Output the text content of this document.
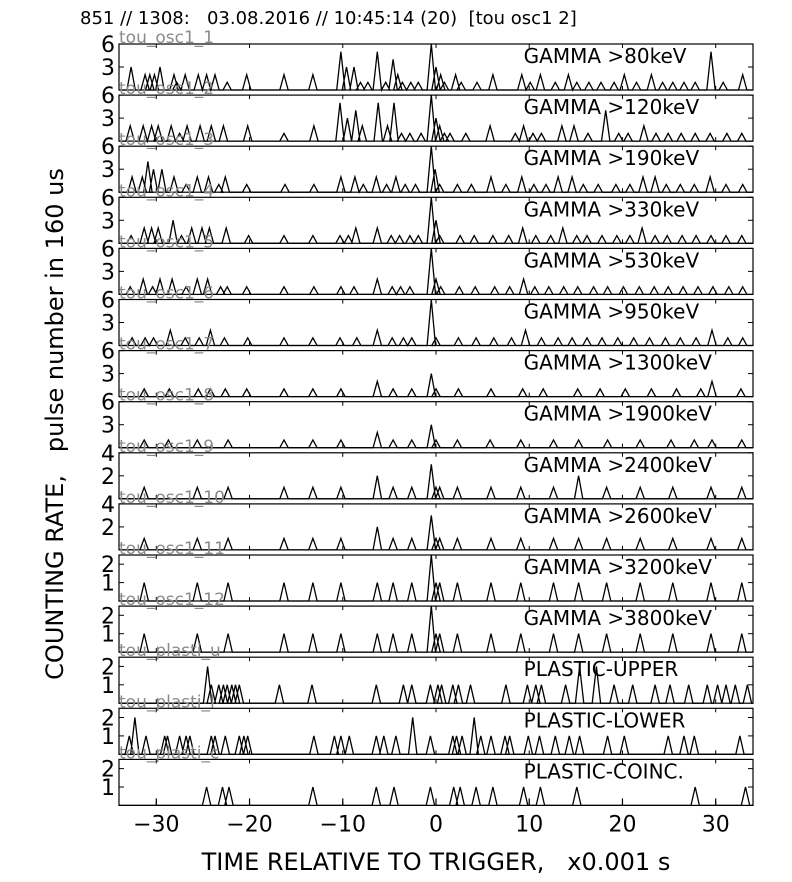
851 // 1308:   03.08.2016 // 10:45:14 (20)  [tou osc1 2]
tou_osc1_1
GAMMA >80keV
3
6
tou_osc1_2
GAMMA >120keV
3
6
tou_osc1_3
GAMMA >190keV
3
6
tou_osc1_4
GAMMA >330keV
3
6
tou_osc1_5
GAMMA >530keV
3
6
tou_osc1_6
GAMMA >950keV
3
6
tou_osc1_7
GAMMA >1300keV
3
6
tou_osc1_8
GAMMA >1900keV
3
6
tou_osc1_9
GAMMA >2400keV
2
4
tou_osc1_10
GAMMA >2600keV
2
4
tou_osc1_11
GAMMA >3200keV
1
2
tou_osc1_12
GAMMA >3800keV
1
2
tou_plasti_u
PLASTIC-UPPER
1
2
tou_plasti_l
PLASTIC-LOWER
1
2
tou_plasti_c
PLASTIC-COINC.
1
2
−30 −20 −10	0	10	20	30
COUNTING RATE,   pulse number in 160 us
TIME RELATIVE TO TRIGGER,   x0.001 s
